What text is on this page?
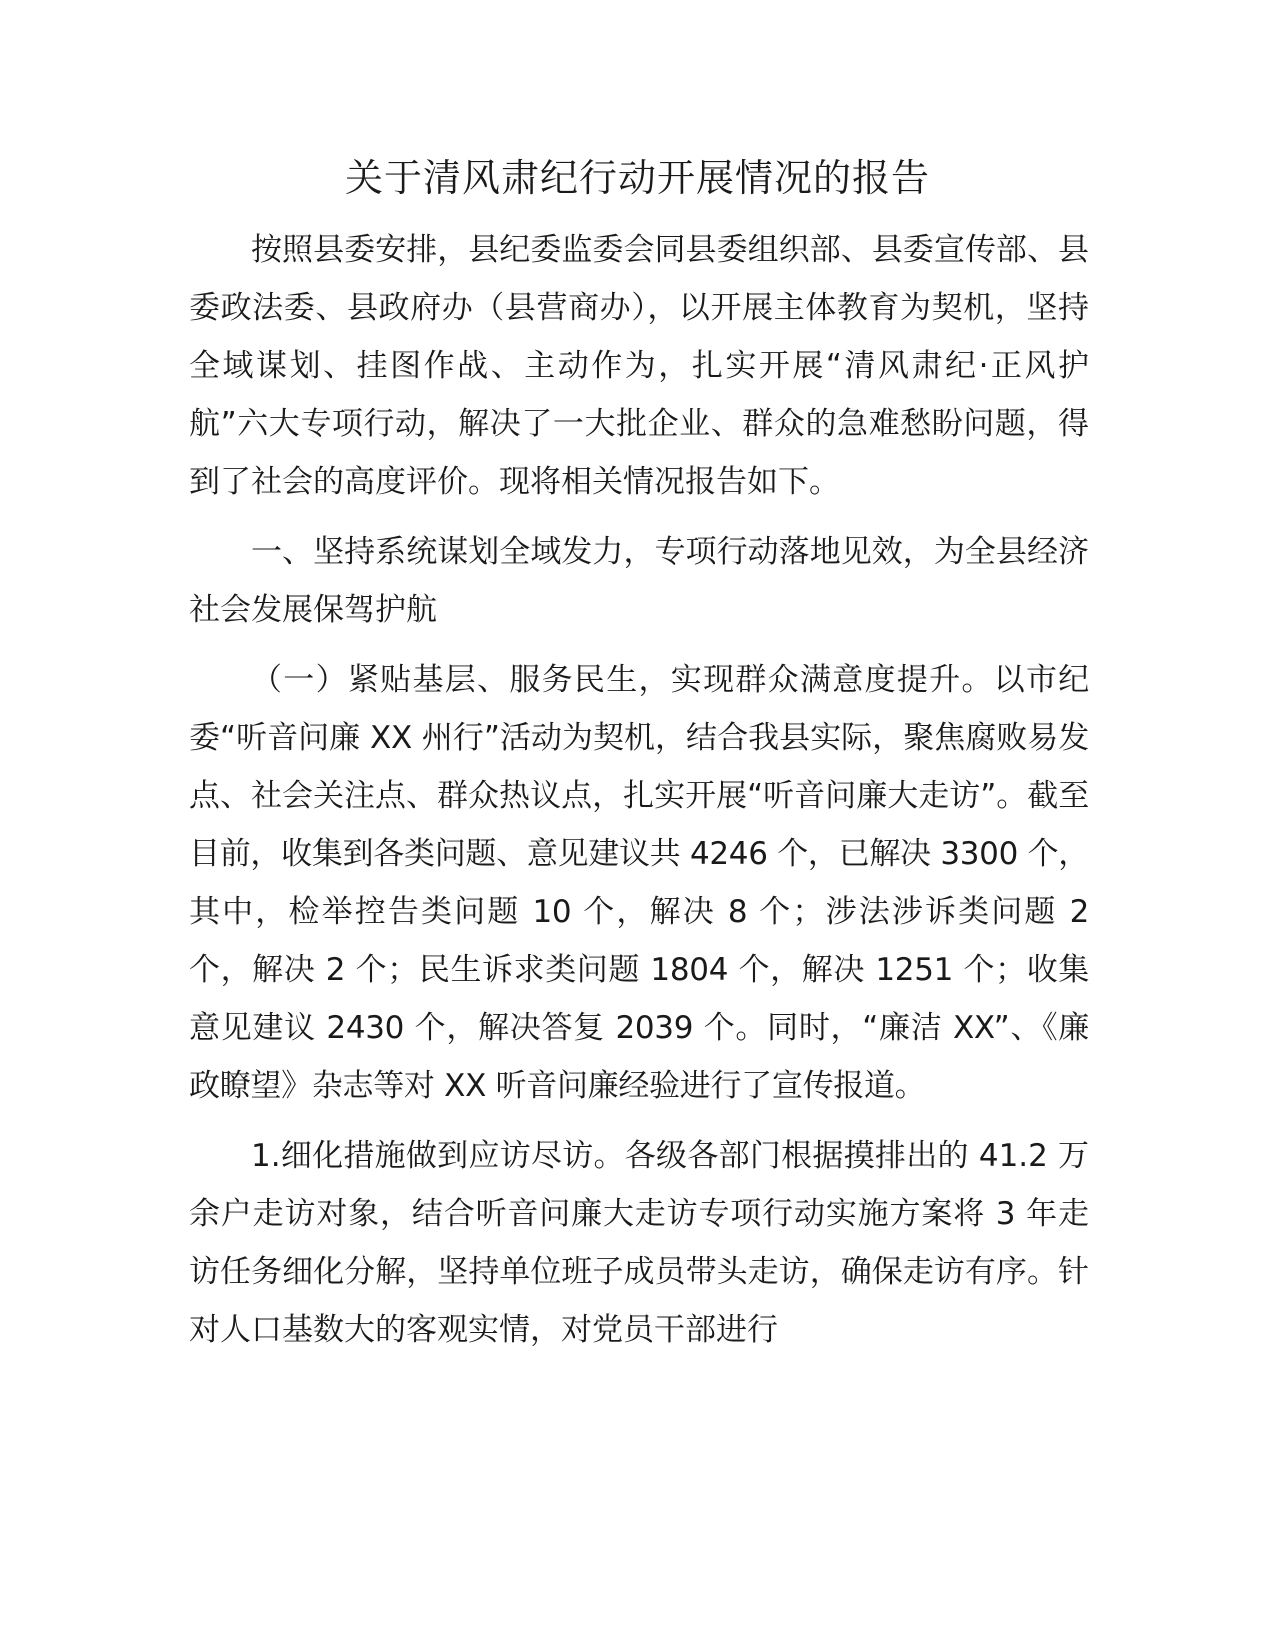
关于清风肃纪行动开展情况的报告

按照县委安排，县纪委监委会同县委组织部、县委宣传部、县委政法委、县政府办（县营商办），以开展主体教育为契机，坚持全域谋划、挂图作战、主动作为，扎实开展“清风肃纪·正风护航”六大专项行动，解决了一大批企业、群众的急难愁盼问题，得到了社会的高度评价。现将相关情况报告如下。

一、坚持系统谋划全域发力，专项行动落地见效，为全县经济社会发展保驾护航

（一）紧贴基层、服务民生，实现群众满意度提升。以市纪委“听音问廉 XX 州行”活动为契机，结合我县实际，聚焦腐败易发点、社会关注点、群众热议点，扎实开展“听音问廉大走访”。截至目前，收集到各类问题、意见建议共 4246 个，已解决 3300 个，其中，检举控告类问题 10 个，解决 8 个；涉法涉诉类问题 2 个，解决 2 个；民生诉求类问题 1804 个，解决 1251 个；收集意见建议 2430 个，解决答复 2039 个。同时，“廉洁 XX”、《廉政瞭望》杂志等对 XX 听音问廉经验进行了宣传报道。

1.细化措施做到应访尽访。各级各部门根据摸排出的 41.2 万余户走访对象，结合听音问廉大走访专项行动实施方案将 3 年走访任务细化分解，坚持单位班子成员带头走访，确保走访有序。针对人口基数大的客观实情，对党员干部进行
